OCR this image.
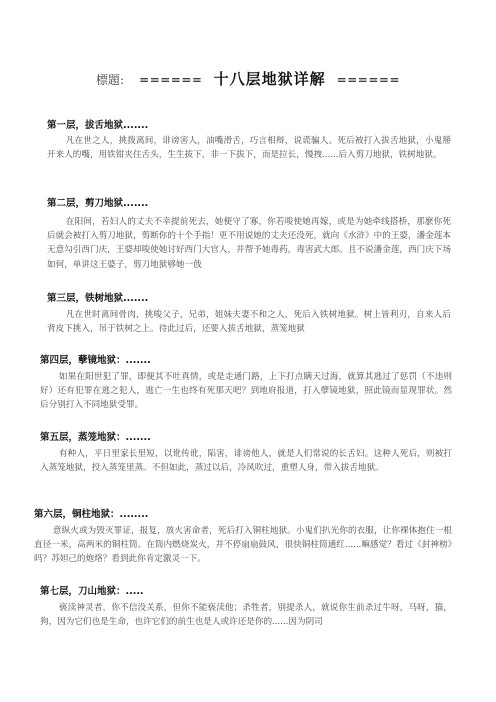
標題: ====== 十八层地狱详解 ======
第一层，拔舌地狱.......
凡在世之人，挑拨离间，诽谤害人，油嘴滑舌，巧言相辩，说谎骗人。死后被打入拔舌地狱，小鬼掰开来人的嘴，用铁钳夹住舌头，生生拔下，非一下拔下，而是拉长，慢拽......后入剪刀地狱，铁树地狱。
第二层，剪刀地狱.......
在阳间，若妇人的丈夫不幸提前死去，她便守了寡，你若唆使她再嫁，或是为她牵线搭桥，那麽你死后就会被打入剪刀地狱，剪断你的十个手指！更不用说她的丈夫还没死，就向《水浒》中的王婆，潘金莲本无意勾引西门庆，王婆却唆使她讨好西门大官人，并帮予她毒药，毒害武大郎。且不说潘金莲，西门庆下场如何，单讲这王婆子，剪刀地狱够她一戗
第三层，铁树地狱.......
凡在世时离间骨肉，挑唆父子，兄弟，姐妹夫妻不和之人，死后入铁树地狱。树上皆利刃，自来人后背皮下挑入，吊于铁树之上。待此过后，还要入拔舌地狱，蒸笼地狱
第四层，孽镜地狱：.......
如果在阳世犯了罪，即便其不吐真情，或是走通门路，上下打点瞒天过海，就算其逃过了惩罚（不违则好）还有犯罪在逃之犯人，逃亡一生也终有死那天吧？到地府报道，打入孽镜地狱，照此镜而显现罪状。然后分别打入不同地狱受罪。
第五层，蒸笼地狱：.......
有种人，平日里家长里短，以讹传讹，陷害，诽谤他人，就是人们常说的长舌妇。这种人死后，则被打入蒸笼地狱，投入蒸笼里蒸。不但如此，蒸过以后，冷风吹过，重塑人身，带入拔舌地狱。
第六层，铜柱地狱：........
意纵火或为毁灭罪证，报复，放火害命者，死后打入铜柱地狱。小鬼们扒光你的衣服，让你裸体抱住一根直径一米，高两米的铜柱筒。在筒内燃烧炭火，并不停扇扇鼓风，很快铜柱筒通红......嘛感觉？看过《封神榜》吗？苏妲己的炮烙？看到此你肯定激灵一下。
第七层，刀山地狱：.....
亵渎神灵者，你不信没关系，但你不能亵渎他；杀牲者，别提杀人，就说你生前杀过牛呀，马呀，猫，狗，因为它们也是生命，也许它们的前生也是人或许还是你的......因为阴司
